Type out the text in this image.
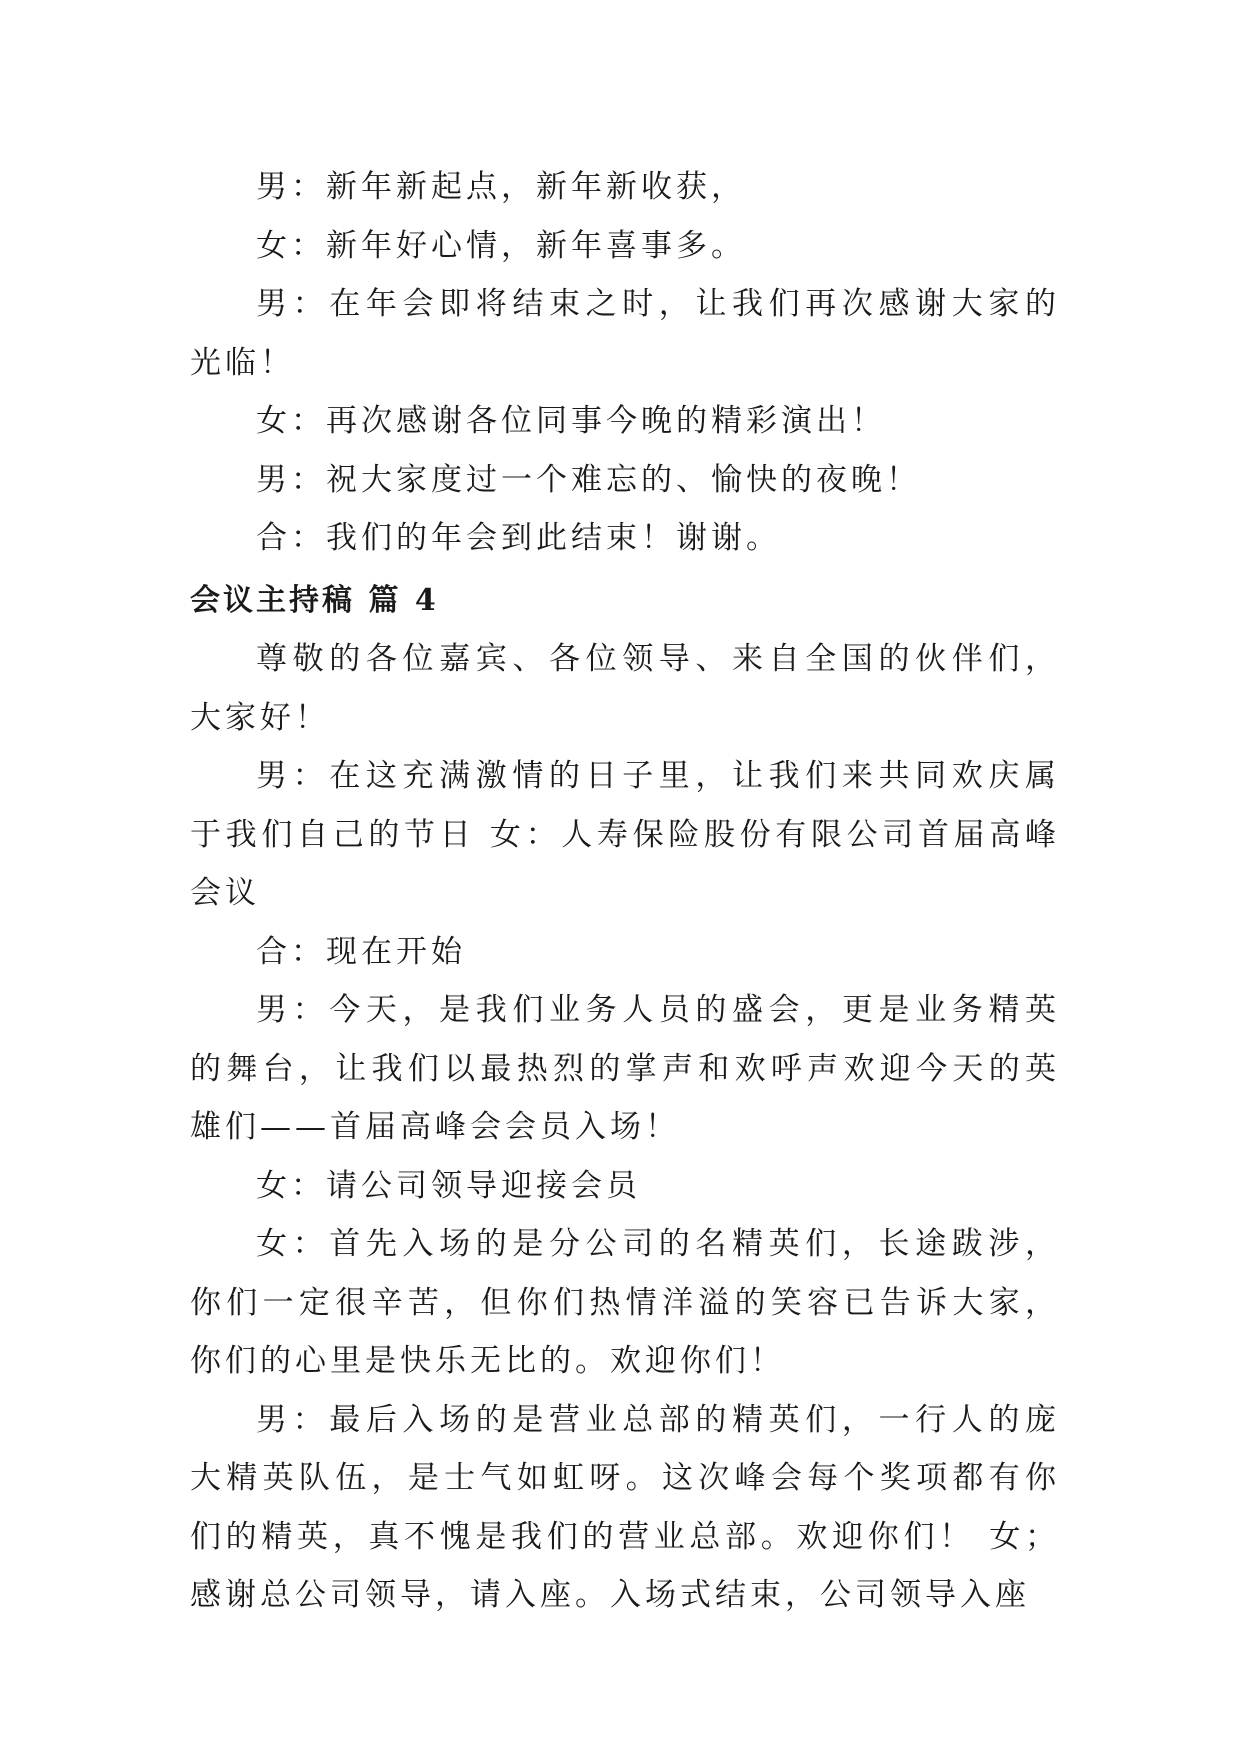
男：新年新起点，新年新收获，

女：新年好心情，新年喜事多。

男：在年会即将结束之时，让我们再次感谢大家的光临！

女：再次感谢各位同事今晚的精彩演出！

男：祝大家度过一个难忘的、愉快的夜晚！

合：我们的年会到此结束！谢谢。

会议主持稿 篇 4

尊敬的各位嘉宾、各位领导、来自全国的伙伴们，大家好！

男：在这充满激情的日子里，让我们来共同欢庆属于我们自己的节日 女：人寿保险股份有限公司首届高峰会议

合：现在开始

男：今天，是我们业务人员的盛会，更是业务精英的舞台，让我们以最热烈的掌声和欢呼声欢迎今天的英雄们——首届高峰会会员入场！

女：请公司领导迎接会员

女：首先入场的是分公司的名精英们，长途跋涉，你们一定很辛苦，但你们热情洋溢的笑容已告诉大家，你们的心里是快乐无比的。欢迎你们！

男：最后入场的是营业总部的精英们，一行人的庞大精英队伍，是士气如虹呀。这次峰会每个奖项都有你们的精英，真不愧是我们的营业总部。欢迎你们！ 女；感谢总公司领导，请入座。入场式结束，公司领导入座
